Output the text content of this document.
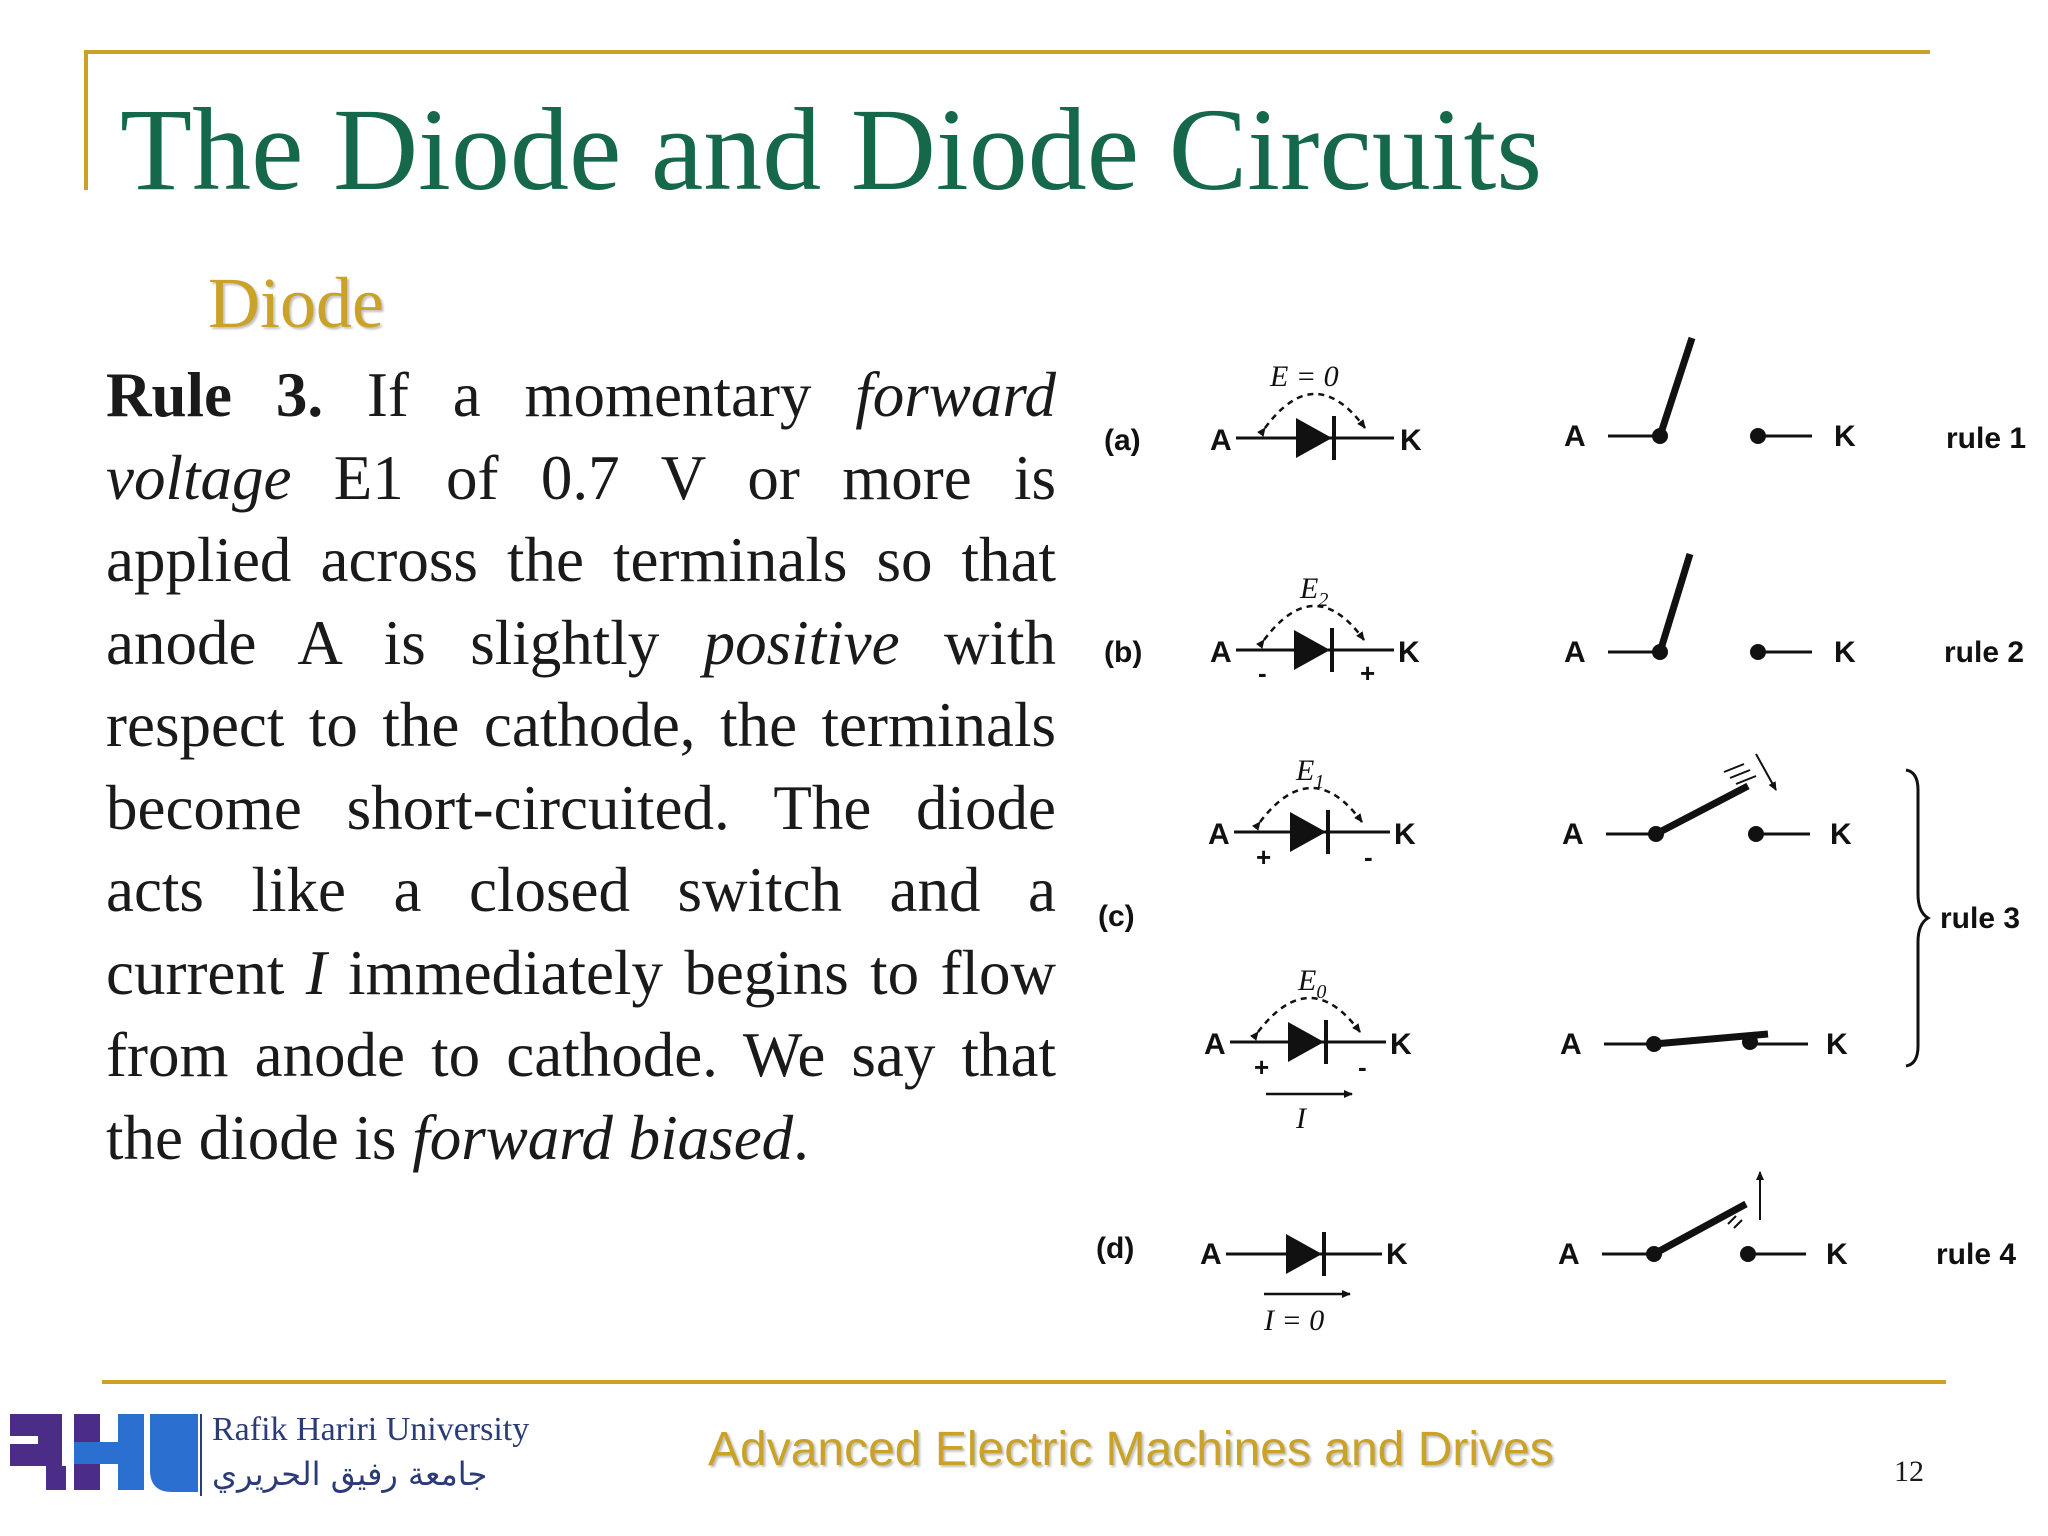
The Diode and Diode Circuits
Diode

Rule 3. If a momentary forward voltage E1 of 0.7 V or more is applied across the terminals so that anode A is slightly positive with respect to the cathode, the terminals become short-circuited. The diode acts like a closed switch and a current I immediately begins to flow from anode to cathode. We say that the diode is forward biased.

(a)
(b)
(c)
(d)
A	K
E = 0
A	K
$E_2$
-	+
A	K
$E_1$
+	-
A	K
$E_0$
+	-
I
A	K
I = 0
A	K
A	K
A	K
A	K
A	K
rule 1
rule 2
rule 3
rule 4
RHU
Rafik Hariri University
جامعة رفيق الحريري	Advanced Electric Machines and Drives	12
